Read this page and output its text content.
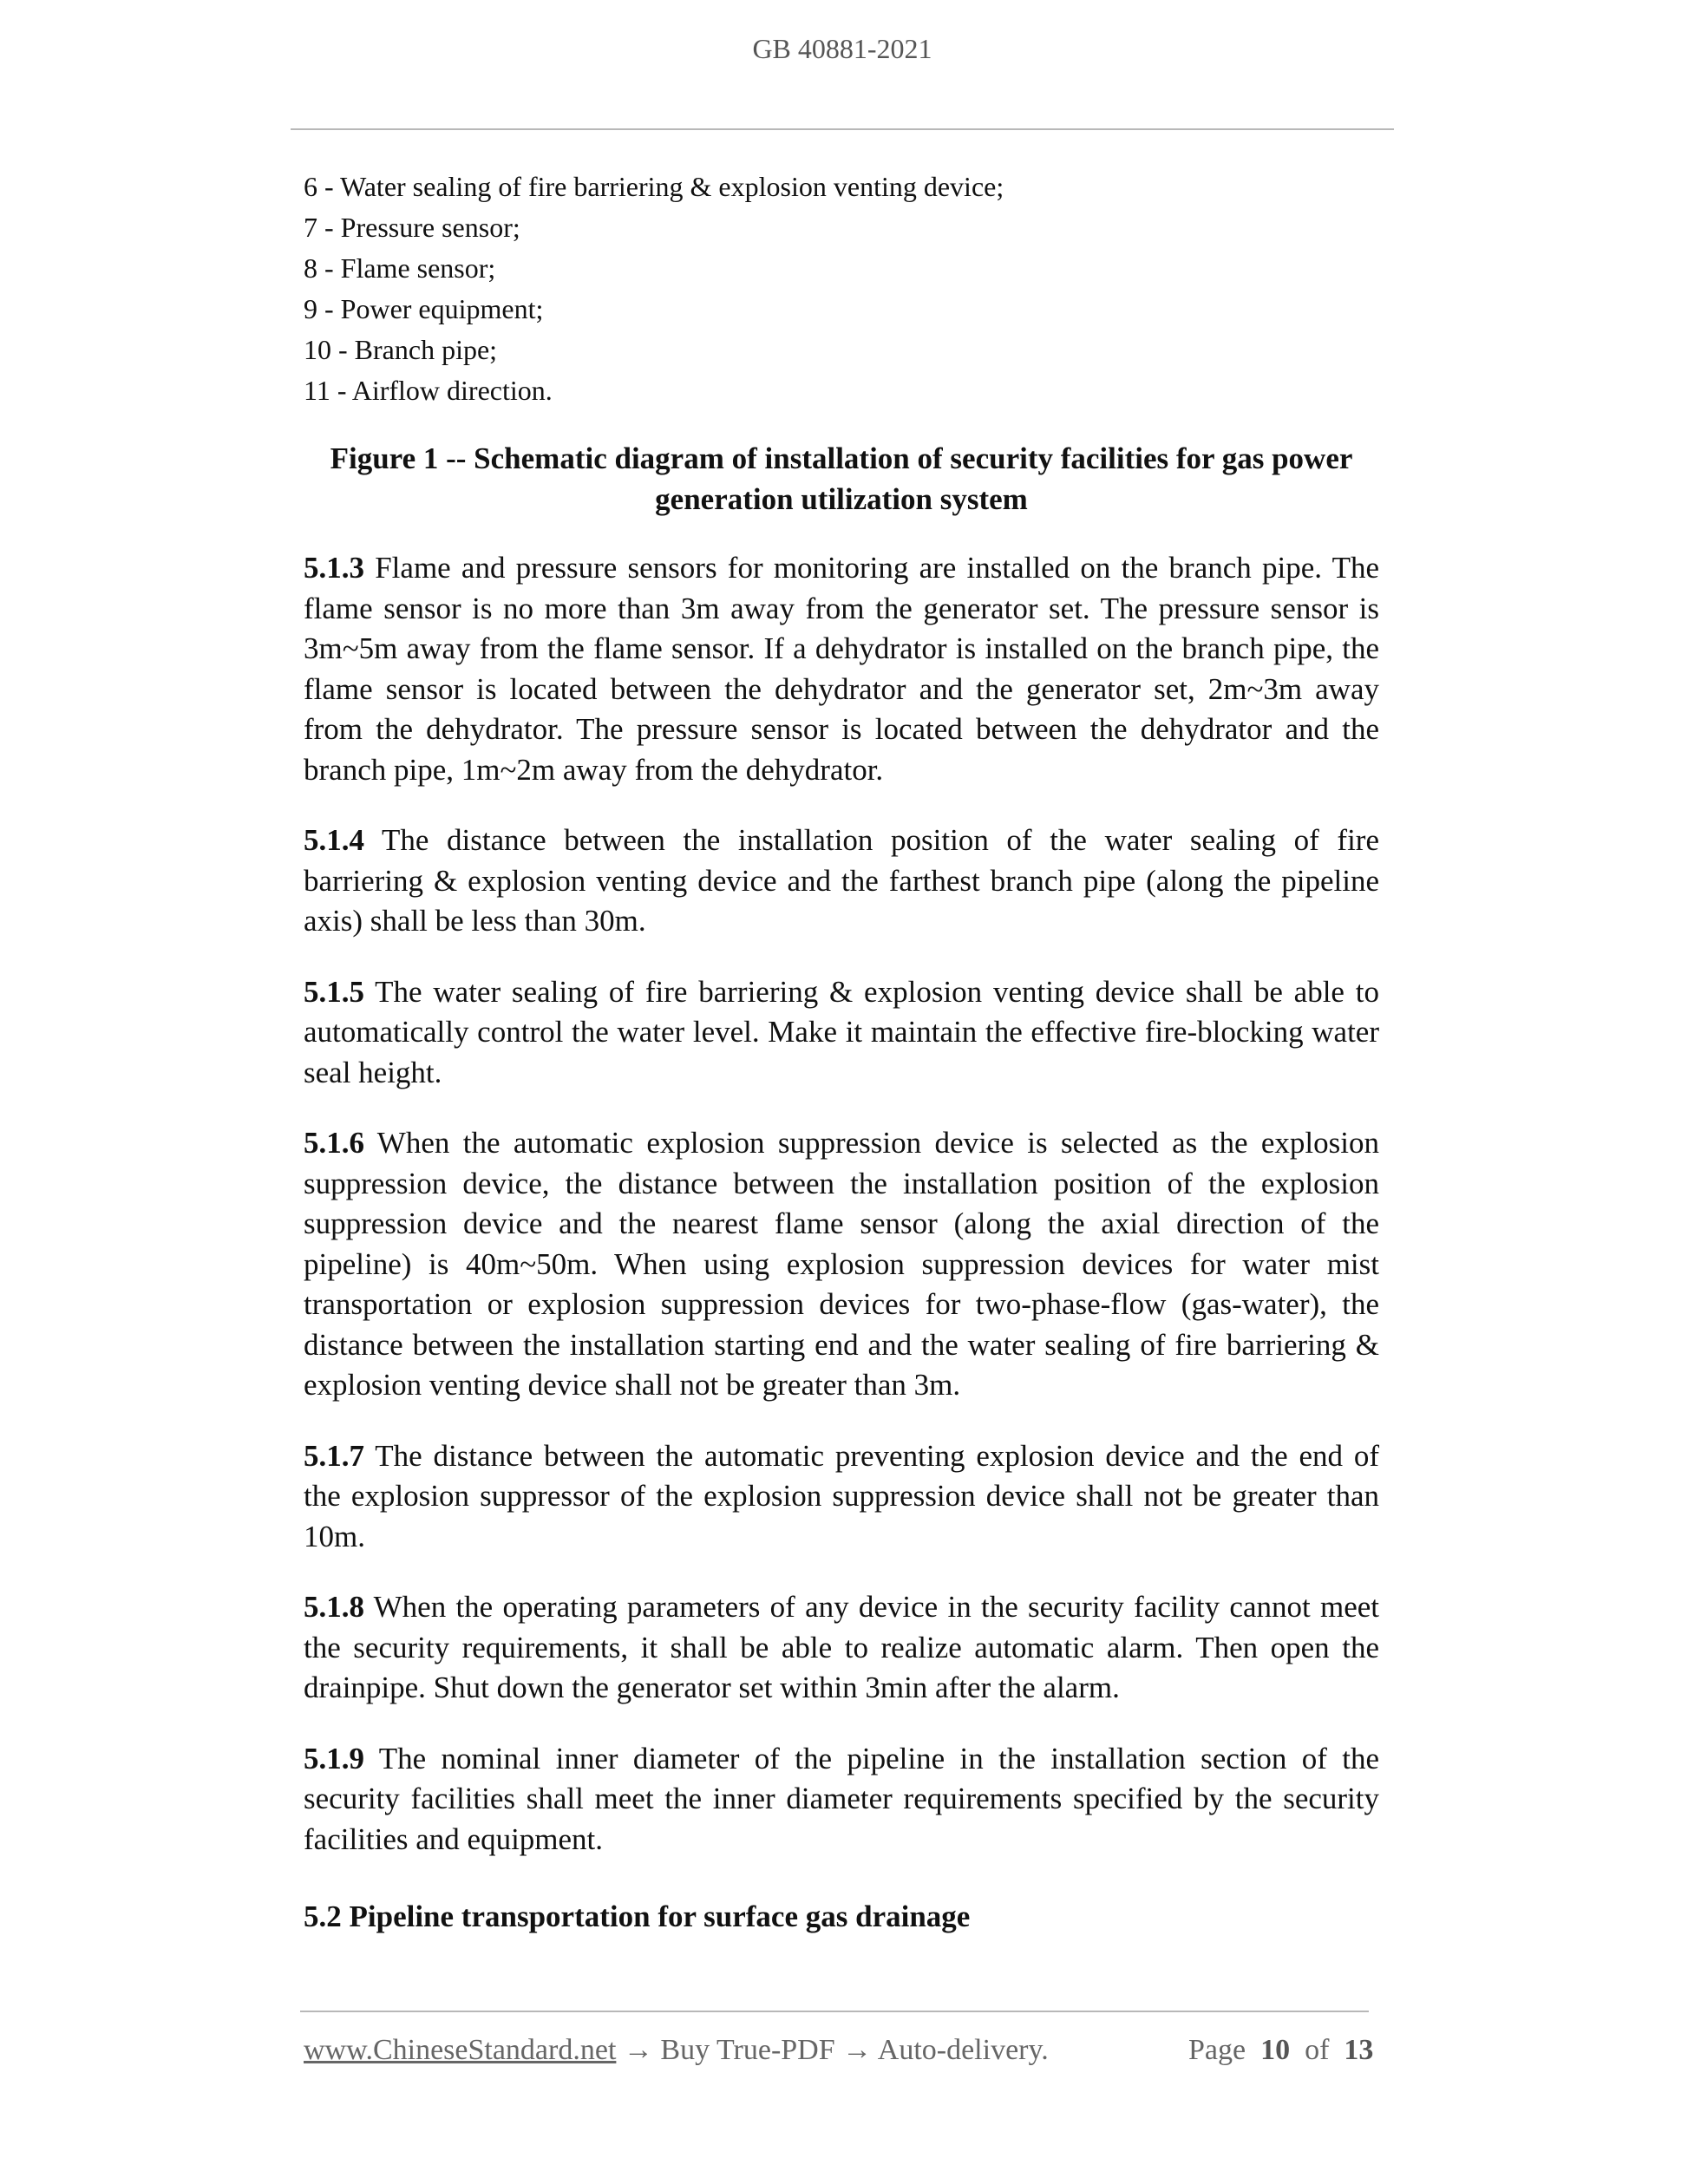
GB 40881-2021
6 - Water sealing of fire barriering & explosion venting device;
7 - Pressure sensor;
8 - Flame sensor;
9 - Power equipment;
10 - Branch pipe;
11 - Airflow direction.
Figure 1 -- Schematic diagram of installation of security facilities for gas power
generation utilization system

5.1.3 Flame and pressure sensors for monitoring are installed on the branch pipe. The flame sensor is no more than 3m away from the generator set. The pressure sensor is 3m~5m away from the flame sensor. If a dehydrator is installed on the branch pipe, the flame sensor is located between the dehydrator and the generator set, 2m~3m away from the dehydrator. The pressure sensor is located between the dehydrator and the branch pipe, 1m~2m away from the dehydrator.

5.1.4 The distance between the installation position of the water sealing of fire barriering & explosion venting device and the farthest branch pipe (along the pipeline axis) shall be less than 30m.

5.1.5 The water sealing of fire barriering & explosion venting device shall be able to automatically control the water level. Make it maintain the effective fire-blocking water seal height.

5.1.6 When the automatic explosion suppression device is selected as the explosion suppression device, the distance between the installation position of the explosion suppression device and the nearest flame sensor (along the axial direction of the pipeline) is 40m~50m. When using explosion suppression devices for water mist transportation or explosion suppression devices for two-phase-flow (gas-water), the distance between the installation starting end and the water sealing of fire barriering & explosion venting device shall not be greater than 3m.

5.1.7 The distance between the automatic preventing explosion device and the end of the explosion suppressor of the explosion suppression device shall not be greater than 10m.

5.1.8 When the operating parameters of any device in the security facility cannot meet the security requirements, it shall be able to realize automatic alarm. Then open the drainpipe. Shut down the generator set within 3min after the alarm.

5.1.9 The nominal inner diameter of the pipeline in the installation section of the security facilities shall meet the inner diameter requirements specified by the security facilities and equipment.

5.2 Pipeline transportation for surface gas drainage
www.ChineseStandard.net → Buy True-PDF → Auto-delivery.	Page 10 of 13
